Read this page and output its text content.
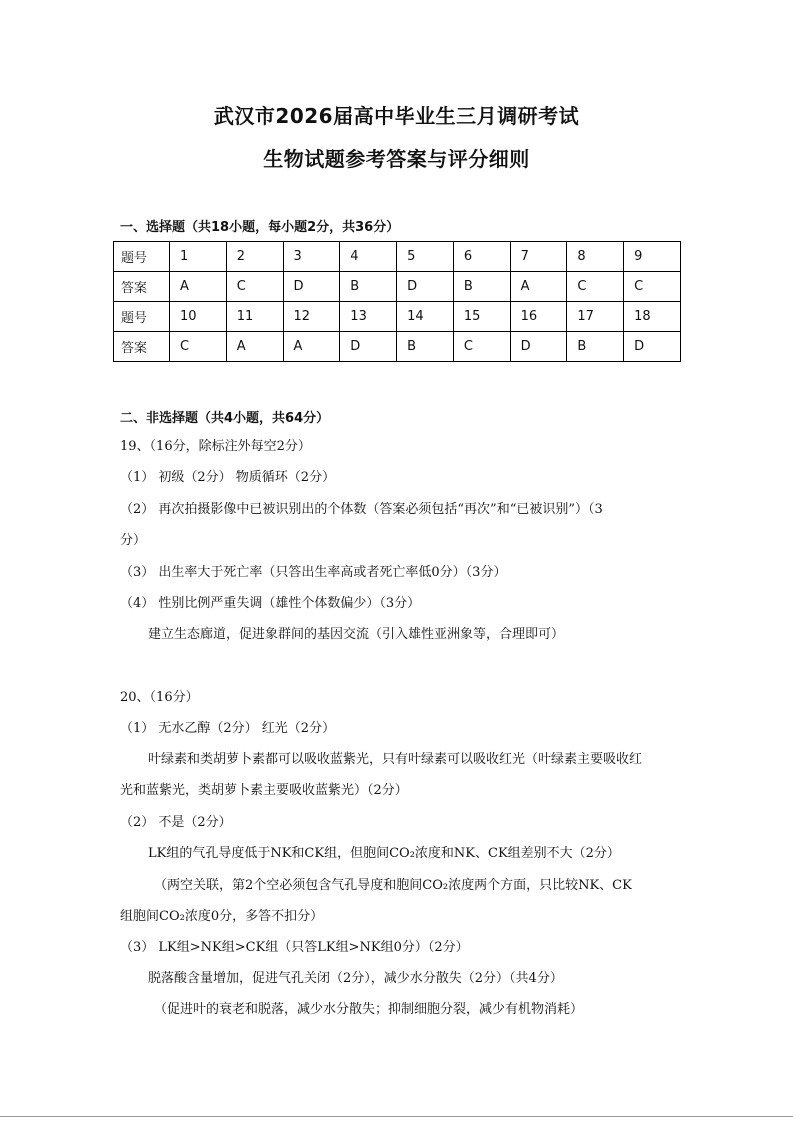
武汉市2026届高中毕业生三月调研考试
生物试题参考答案与评分细则
一、选择题（共18小题，每小题2分，共36分）
题号	1	2	3	4	5	6	7	8	9
答案	A	C	D	B	D	B	A	C	C
题号	10	11	12	13	14	15	16	17	18
答案	C	A	A	D	B	C	D	B	D
二、非选择题（共4小题，共64分）
19、（16分，除标注外每空2分）
（1） 初级（2分） 物质循环（2分）
（2） 再次拍摄影像中已被识别出的个体数（答案必须包括“再次”和“已被识别”）（3
分）
（3） 出生率大于死亡率（只答出生率高或者死亡率低0分）（3分）
（4） 性别比例严重失调（雄性个体数偏少）（3分）
建立生态廊道，促进象群间的基因交流（引入雄性亚洲象等，合理即可）
20、（16分）
（1） 无水乙醇（2分） 红光（2分）
叶绿素和类胡萝卜素都可以吸收蓝紫光，只有叶绿素可以吸收红光（叶绿素主要吸收红
光和蓝紫光，类胡萝卜素主要吸收蓝紫光）（2分）
（2） 不是（2分）
LK组的气孔导度低于NK和CK组，但胞间CO₂浓度和NK、CK组差别不大（2分）
（两空关联，第2个空必须包含气孔导度和胞间CO₂浓度两个方面，只比较NK、CK
组胞间CO₂浓度0分，多答不扣分）
（3） LK组>NK组>CK组（只答LK组>NK组0分）（2分）
脱落酸含量增加，促进气孔关闭（2分），减少水分散失（2分）（共4分）
（促进叶的衰老和脱落，减少水分散失；抑制细胞分裂，减少有机物消耗）
